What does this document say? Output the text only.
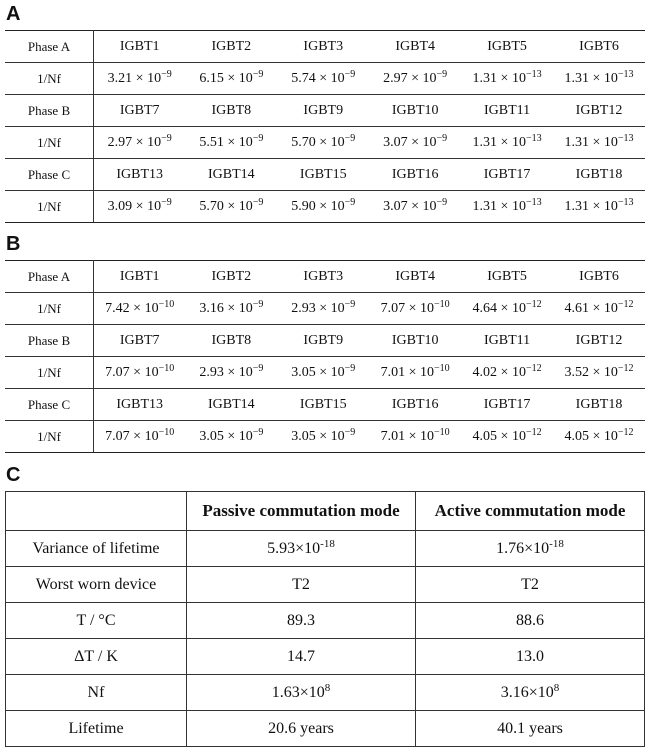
A
Phase A	IGBT1	IGBT2	IGBT3	IGBT4	IGBT5	IGBT6
1/Nf	$3.21 \times 10^{-9}$	$6.15 \times 10^{-9}$	$5.74 \times 10^{-9}$	$2.97 \times 10^{-9}$	$1.31 \times 10^{-13}$	$1.31 \times 10^{-13}$
Phase B	IGBT7	IGBT8	IGBT9	IGBT10	IGBT11	IGBT12
1/Nf	$2.97 \times 10^{-9}$	$5.51 \times 10^{-9}$	$5.70 \times 10^{-9}$	$3.07 \times 10^{-9}$	$1.31 \times 10^{-13}$	$1.31 \times 10^{-13}$
Phase C	IGBT13	IGBT14	IGBT15	IGBT16	IGBT17	IGBT18
1/Nf	$3.09 \times 10^{-9}$	$5.70 \times 10^{-9}$	$5.90 \times 10^{-9}$	$3.07 \times 10^{-9}$	$1.31 \times 10^{-13}$	$1.31 \times 10^{-13}$
B
Phase A	IGBT1	IGBT2	IGBT3	IGBT4	IGBT5	IGBT6
1/Nf	$7.42 \times 10^{-10}$	$3.16 \times 10^{-9}$	$2.93 \times 10^{-9}$	$7.07 \times 10^{-10}$	$4.64 \times 10^{-12}$	$4.61 \times 10^{-12}$
Phase B	IGBT7	IGBT8	IGBT9	IGBT10	IGBT11	IGBT12
1/Nf	$7.07 \times 10^{-10}$	$2.93 \times 10^{-9}$	$3.05 \times 10^{-9}$	$7.01 \times 10^{-10}$	$4.02 \times 10^{-12}$	$3.52 \times 10^{-12}$
Phase C	IGBT13	IGBT14	IGBT15	IGBT16	IGBT17	IGBT18
1/Nf	$7.07 \times 10^{-10}$	$3.05 \times 10^{-9}$	$3.05 \times 10^{-9}$	$7.01 \times 10^{-10}$	$4.05 \times 10^{-12}$	$4.05 \times 10^{-12}$
C
	Passive commutation mode	Active commutation mode
Variance of lifetime	$5.93\times 10^{-18}$	$1.76\times 10^{-18}$
Worst worn device	T2	T2
T / °C	89.3	88.6
ΔT / K	14.7	13.0
Nf	$1.63\times 10^8$	$3.16\times 10^8$
Lifetime	20.6 years	40.1 years
